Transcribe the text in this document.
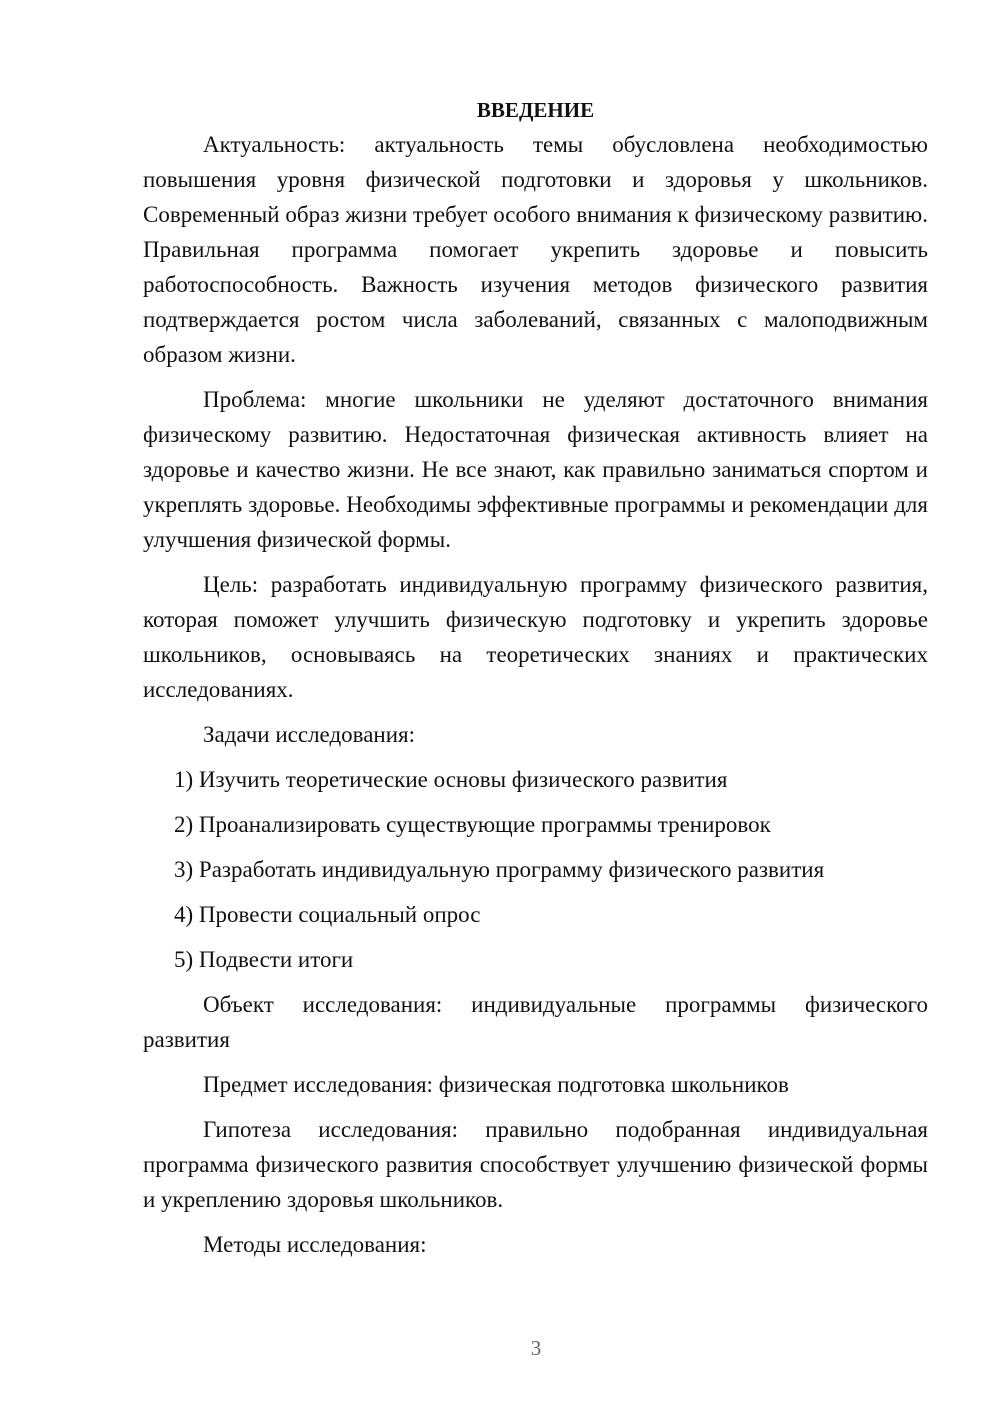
ВВЕДЕНИЕ

Актуальность: актуальность темы обусловлена необходимостью повышения уровня физической подготовки и здоровья у школьников. Современный образ жизни требует особого внимания к физическому развитию. Правильная программа помогает укрепить здоровье и повысить работоспособность. Важность изучения методов физического развития подтверждается ростом числа заболеваний, связанных с малоподвижным образом жизни.

Проблема: многие школьники не уделяют достаточного внимания физическому развитию. Недостаточная физическая активность влияет на здоровье и качество жизни. Не все знают, как правильно заниматься спортом и укреплять здоровье. Необходимы эффективные программы и рекомендации для улучшения физической формы.

Цель: разработать индивидуальную программу физического развития, которая поможет улучшить физическую подготовку и укрепить здоровье школьников, основываясь на теоретических знаниях и практических исследованиях.

Задачи исследования:

1) Изучить теоретические основы физического развития
2) Проанализировать существующие программы тренировок
3) Разработать индивидуальную программу физического развития
4) Провести социальный опрос
5) Подвести итоги

Объект исследования: индивидуальные программы физического развития

Предмет исследования: физическая подготовка школьников

Гипотеза исследования: правильно подобранная индивидуальная программа физического развития способствует улучшению физической формы и укреплению здоровья школьников.

Методы исследования:

3
